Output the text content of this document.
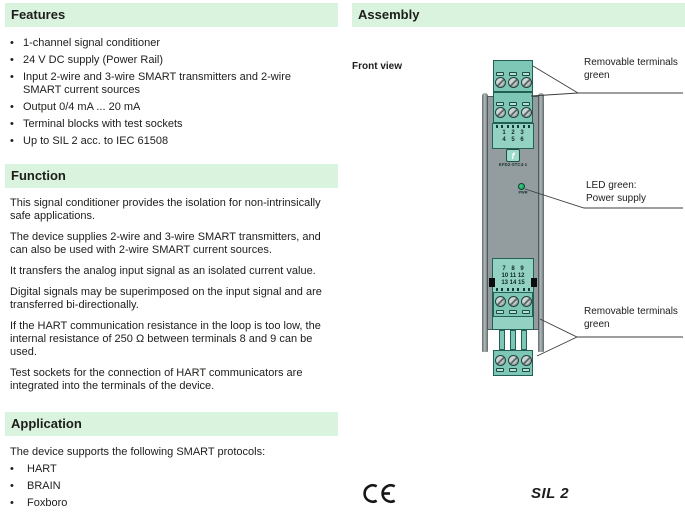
Features
• 1-channel signal conditioner
• 24 V DC supply (Power Rail)
• Input 2-wire and 3-wire SMART transmitters and 2-wire SMART current sources
• Output 0/4 mA ... 20 mA
• Terminal blocks with test sockets
• Up to SIL 2 acc. to IEC 61508
Function

This signal conditioner provides the isolation for non-intrinsically safe applications.

The device supplies 2-wire and 3-wire SMART transmitters, and can also be used with 2-wire SMART current sources.

It transfers the analog input signal as an isolated current value.

Digital signals may be superimposed on the input signal and are transferred bi-directionally.

If the HART communication resistance in the loop is too low, the internal resistance of 250 Ω between terminals 8 and 9 can be used.

Test sockets for the connection of HART communicators are integrated into the terminals of the device.

Application
The device supports the following SMART protocols:
•	HART
•	BRAIN
•	Foxboro
Assembly
Front view
1 2 3
4 5 6
f
KFD2-STC4-1
PWR
7 8 9
10 11 12
13 14 15
Removable terminals
green
LED green:
Power supply
Removable terminals
green
SIL 2
